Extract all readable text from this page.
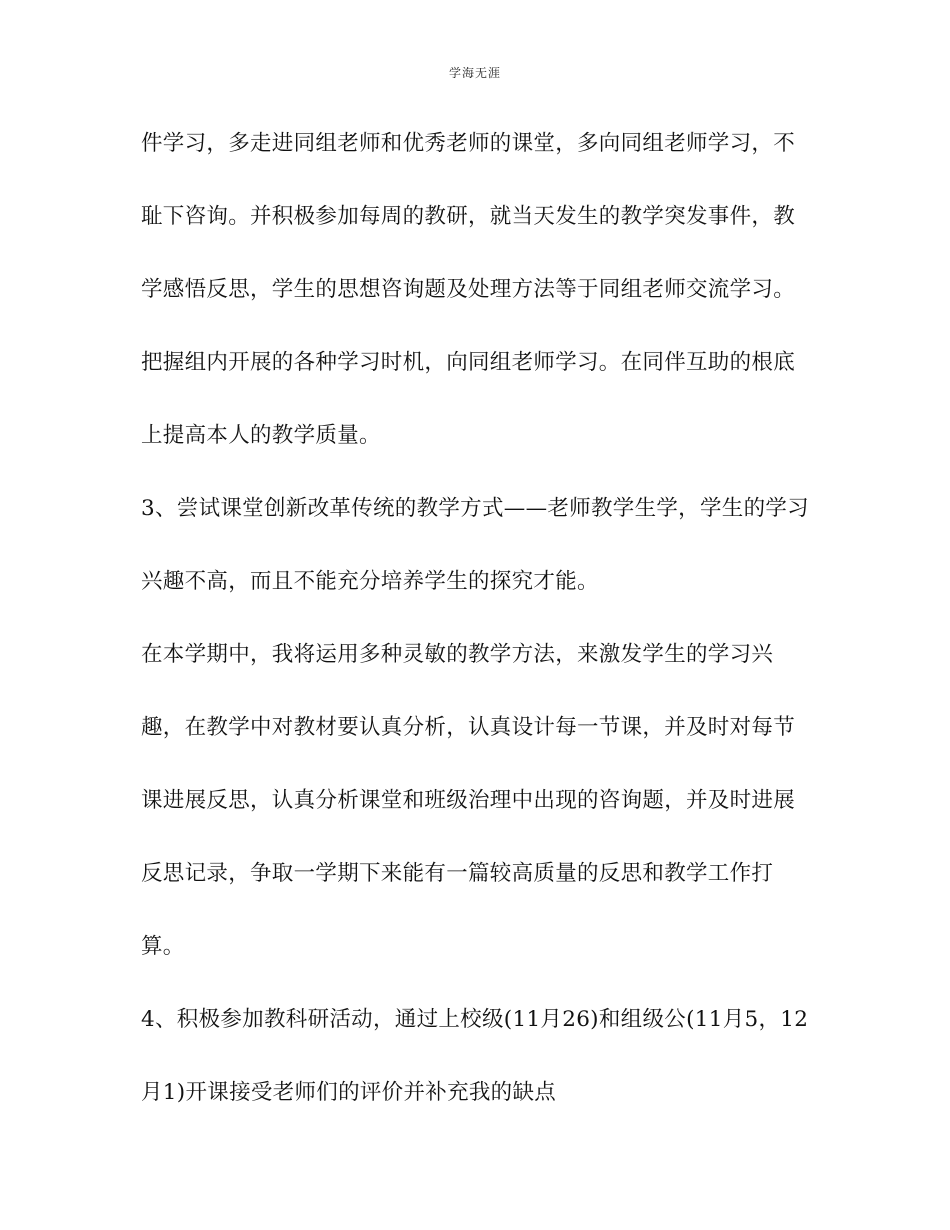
学海无涯
件学习，多走进同组老师和优秀老师的课堂，多向同组老师学习，不
耻下咨询。并积极参加每周的教研，就当天发生的教学突发事件，教
学感悟反思，学生的思想咨询题及处理方法等于同组老师交流学习。
把握组内开展的各种学习时机，向同组老师学习。在同伴互助的根底
上提高本人的教学质量。
3、尝试课堂创新改革传统的教学方式——老师教学生学，学生的学习
兴趣不高，而且不能充分培养学生的探究才能。
在本学期中，我将运用多种灵敏的教学方法，来激发学生的学习兴
趣，在教学中对教材要认真分析，认真设计每一节课，并及时对每节
课进展反思，认真分析课堂和班级治理中出现的咨询题，并及时进展
反思记录，争取一学期下来能有一篇较高质量的反思和教学工作打
算。
4、积极参加教科研活动，通过上校级(11月26)和组级公(11月5，12
月1)开课接受老师们的评价并补充我的缺点
